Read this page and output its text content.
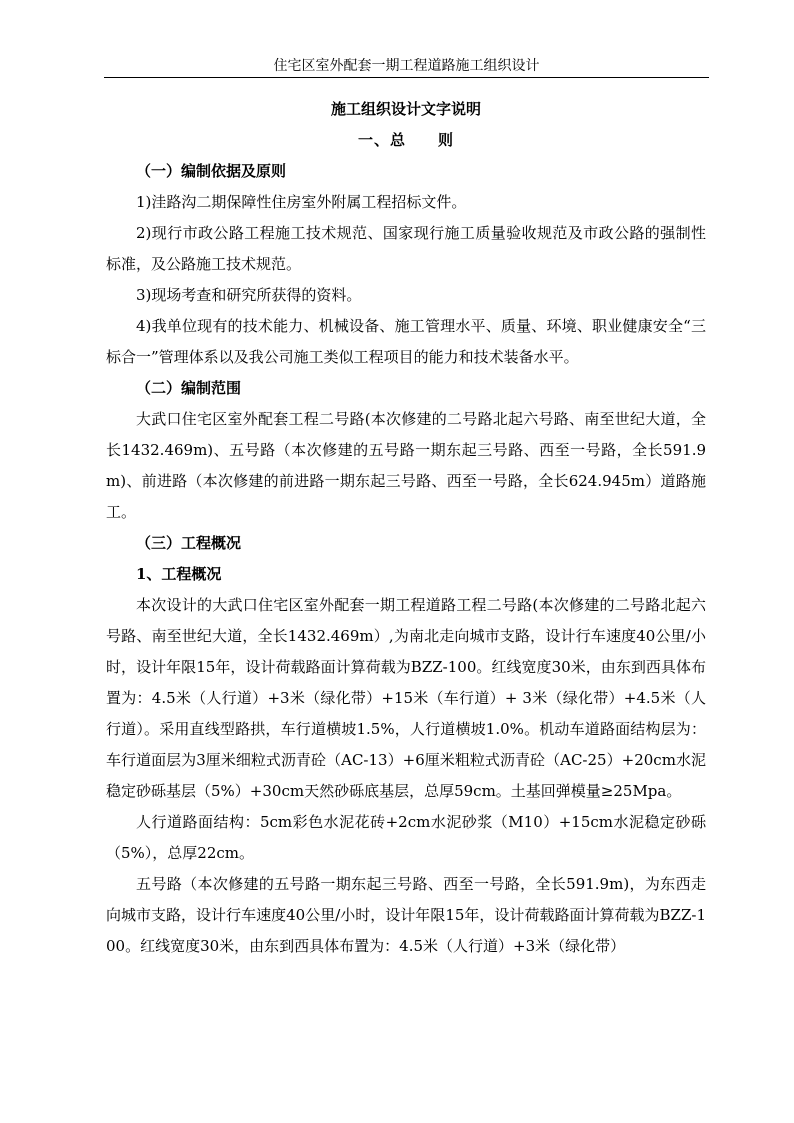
住宅区室外配套一期工程道路施工组织设计

施工组织设计文字说明

一、总　　则

（一）编制依据及原则

1)洼路沟二期保障性住房室外附属工程招标文件。

2)现行市政公路工程施工技术规范、国家现行施工质量验收规范及市政公路的强制性标准，及公路施工技术规范。

3)现场考查和研究所获得的资料。

4)我单位现有的技术能力、机械设备、施工管理水平、质量、环境、职业健康安全“三标合一”管理体系以及我公司施工类似工程项目的能力和技术装备水平。

（二）编制范围

大武口住宅区室外配套工程二号路(本次修建的二号路北起六号路、南至世纪大道，全长1432.469m)、五号路（本次修建的五号路一期东起三号路、西至一号路，全长591.9m)、前进路（本次修建的前进路一期东起三号路、西至一号路，全长624.945m）道路施工。

（三）工程概况

1、工程概况

本次设计的大武口住宅区室外配套一期工程道路工程二号路(本次修建的二号路北起六号路、南至世纪大道，全长1432.469m）,为南北走向城市支路，设计行车速度40公里/小时，设计年限15年，设计荷载路面计算荷载为BZZ-100。红线宽度30米，由东到西具体布置为：4.5米（人行道）+3米（绿化带）+15米（车行道）+ 3米（绿化带）+4.5米（人行道）。采用直线型路拱，车行道横坡1.5%，人行道横坡1.0%。机动车道路面结构层为：车行道面层为3厘米细粒式沥青砼（AC-13）+6厘米粗粒式沥青砼（AC-25）+20cm水泥稳定砂砾基层（5%）+30cm天然砂砾底基层，总厚59cm。土基回弹模量≥25Mpa。

人行道路面结构：5cm彩色水泥花砖+2cm水泥砂浆（M10）+15cm水泥稳定砂砾（5%），总厚22cm。

五号路（本次修建的五号路一期东起三号路、西至一号路，全长591.9m)，为东西走向城市支路，设计行车速度40公里/小时，设计年限15年，设计荷载路面计算荷载为BZZ-100。红线宽度30米，由东到西具体布置为：4.5米（人行道）+3米（绿化带）
